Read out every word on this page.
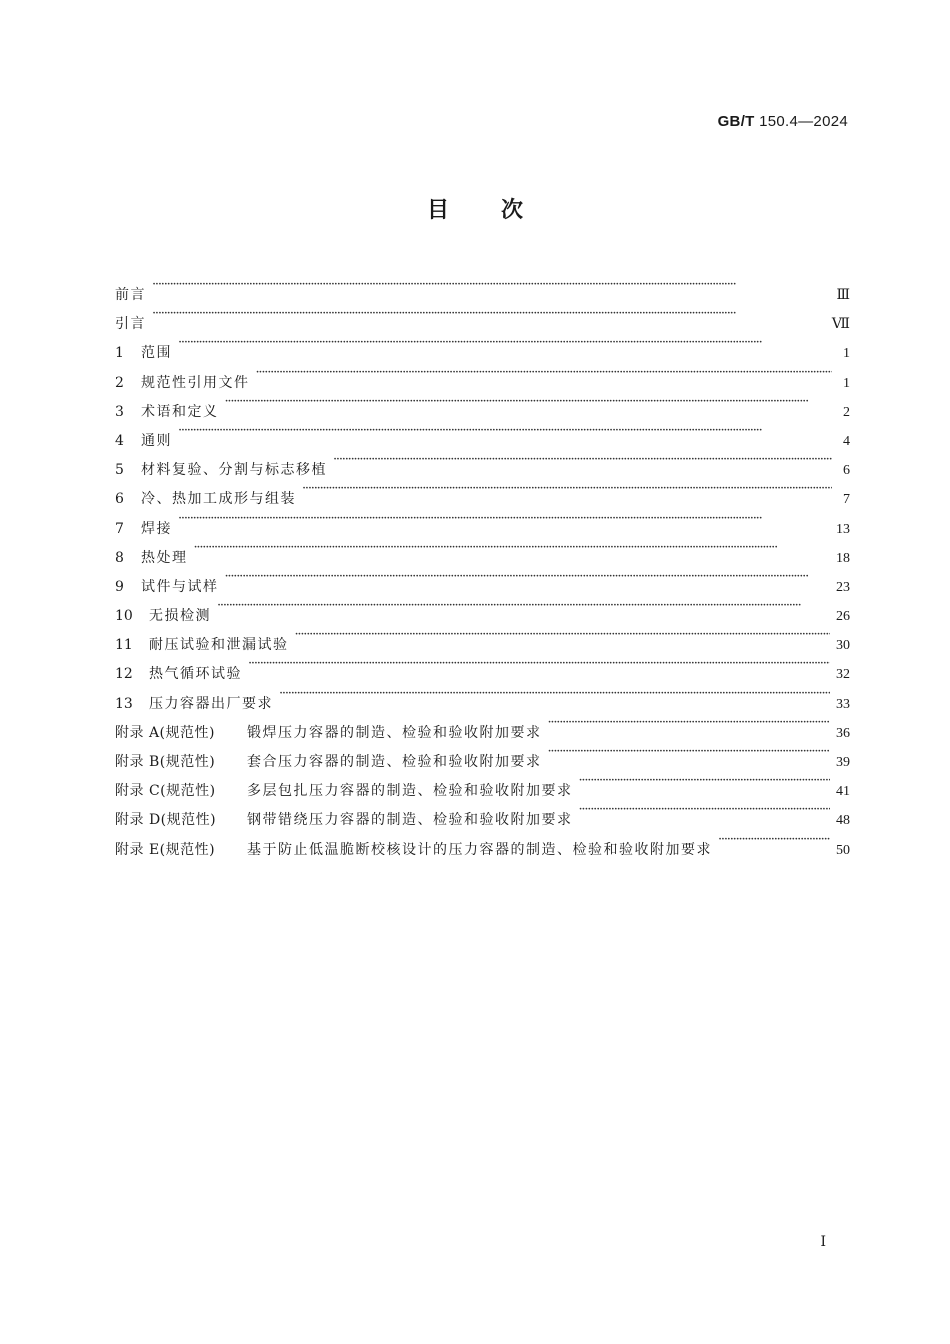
GB/T 150.4—2024
目 次
前言 ·····	Ⅲ
引言 ·····	Ⅶ
1 范围 ·····	1
2 规范性引用文件 ·····	1
3 术语和定义 ·····	2
4 通则 ·····	4
5 材料复验、分割与标志移植 ·····	6
6 冷、热加工成形与组装 ·····	7
7 焊接 ·····	13
8 热处理 ·····	18
9 试件与试样 ·····	23
10 无损检测 ·····	26
11 耐压试验和泄漏试验 ·····	30
12 热气循环试验 ·····	32
13 压力容器出厂要求 ·····	33
附录 A(规范性) 锻焊压力容器的制造、检验和验收附加要求 ·····	36
附录 B(规范性) 套合压力容器的制造、检验和验收附加要求 ·····	39
附录 C(规范性) 多层包扎压力容器的制造、检验和验收附加要求 ·····	41
附录 D(规范性) 钢带错绕压力容器的制造、检验和验收附加要求 ·····	48
附录 E(规范性) 基于防止低温脆断校核设计的压力容器的制造、检验和验收附加要求 ·····	50
Ⅰ
